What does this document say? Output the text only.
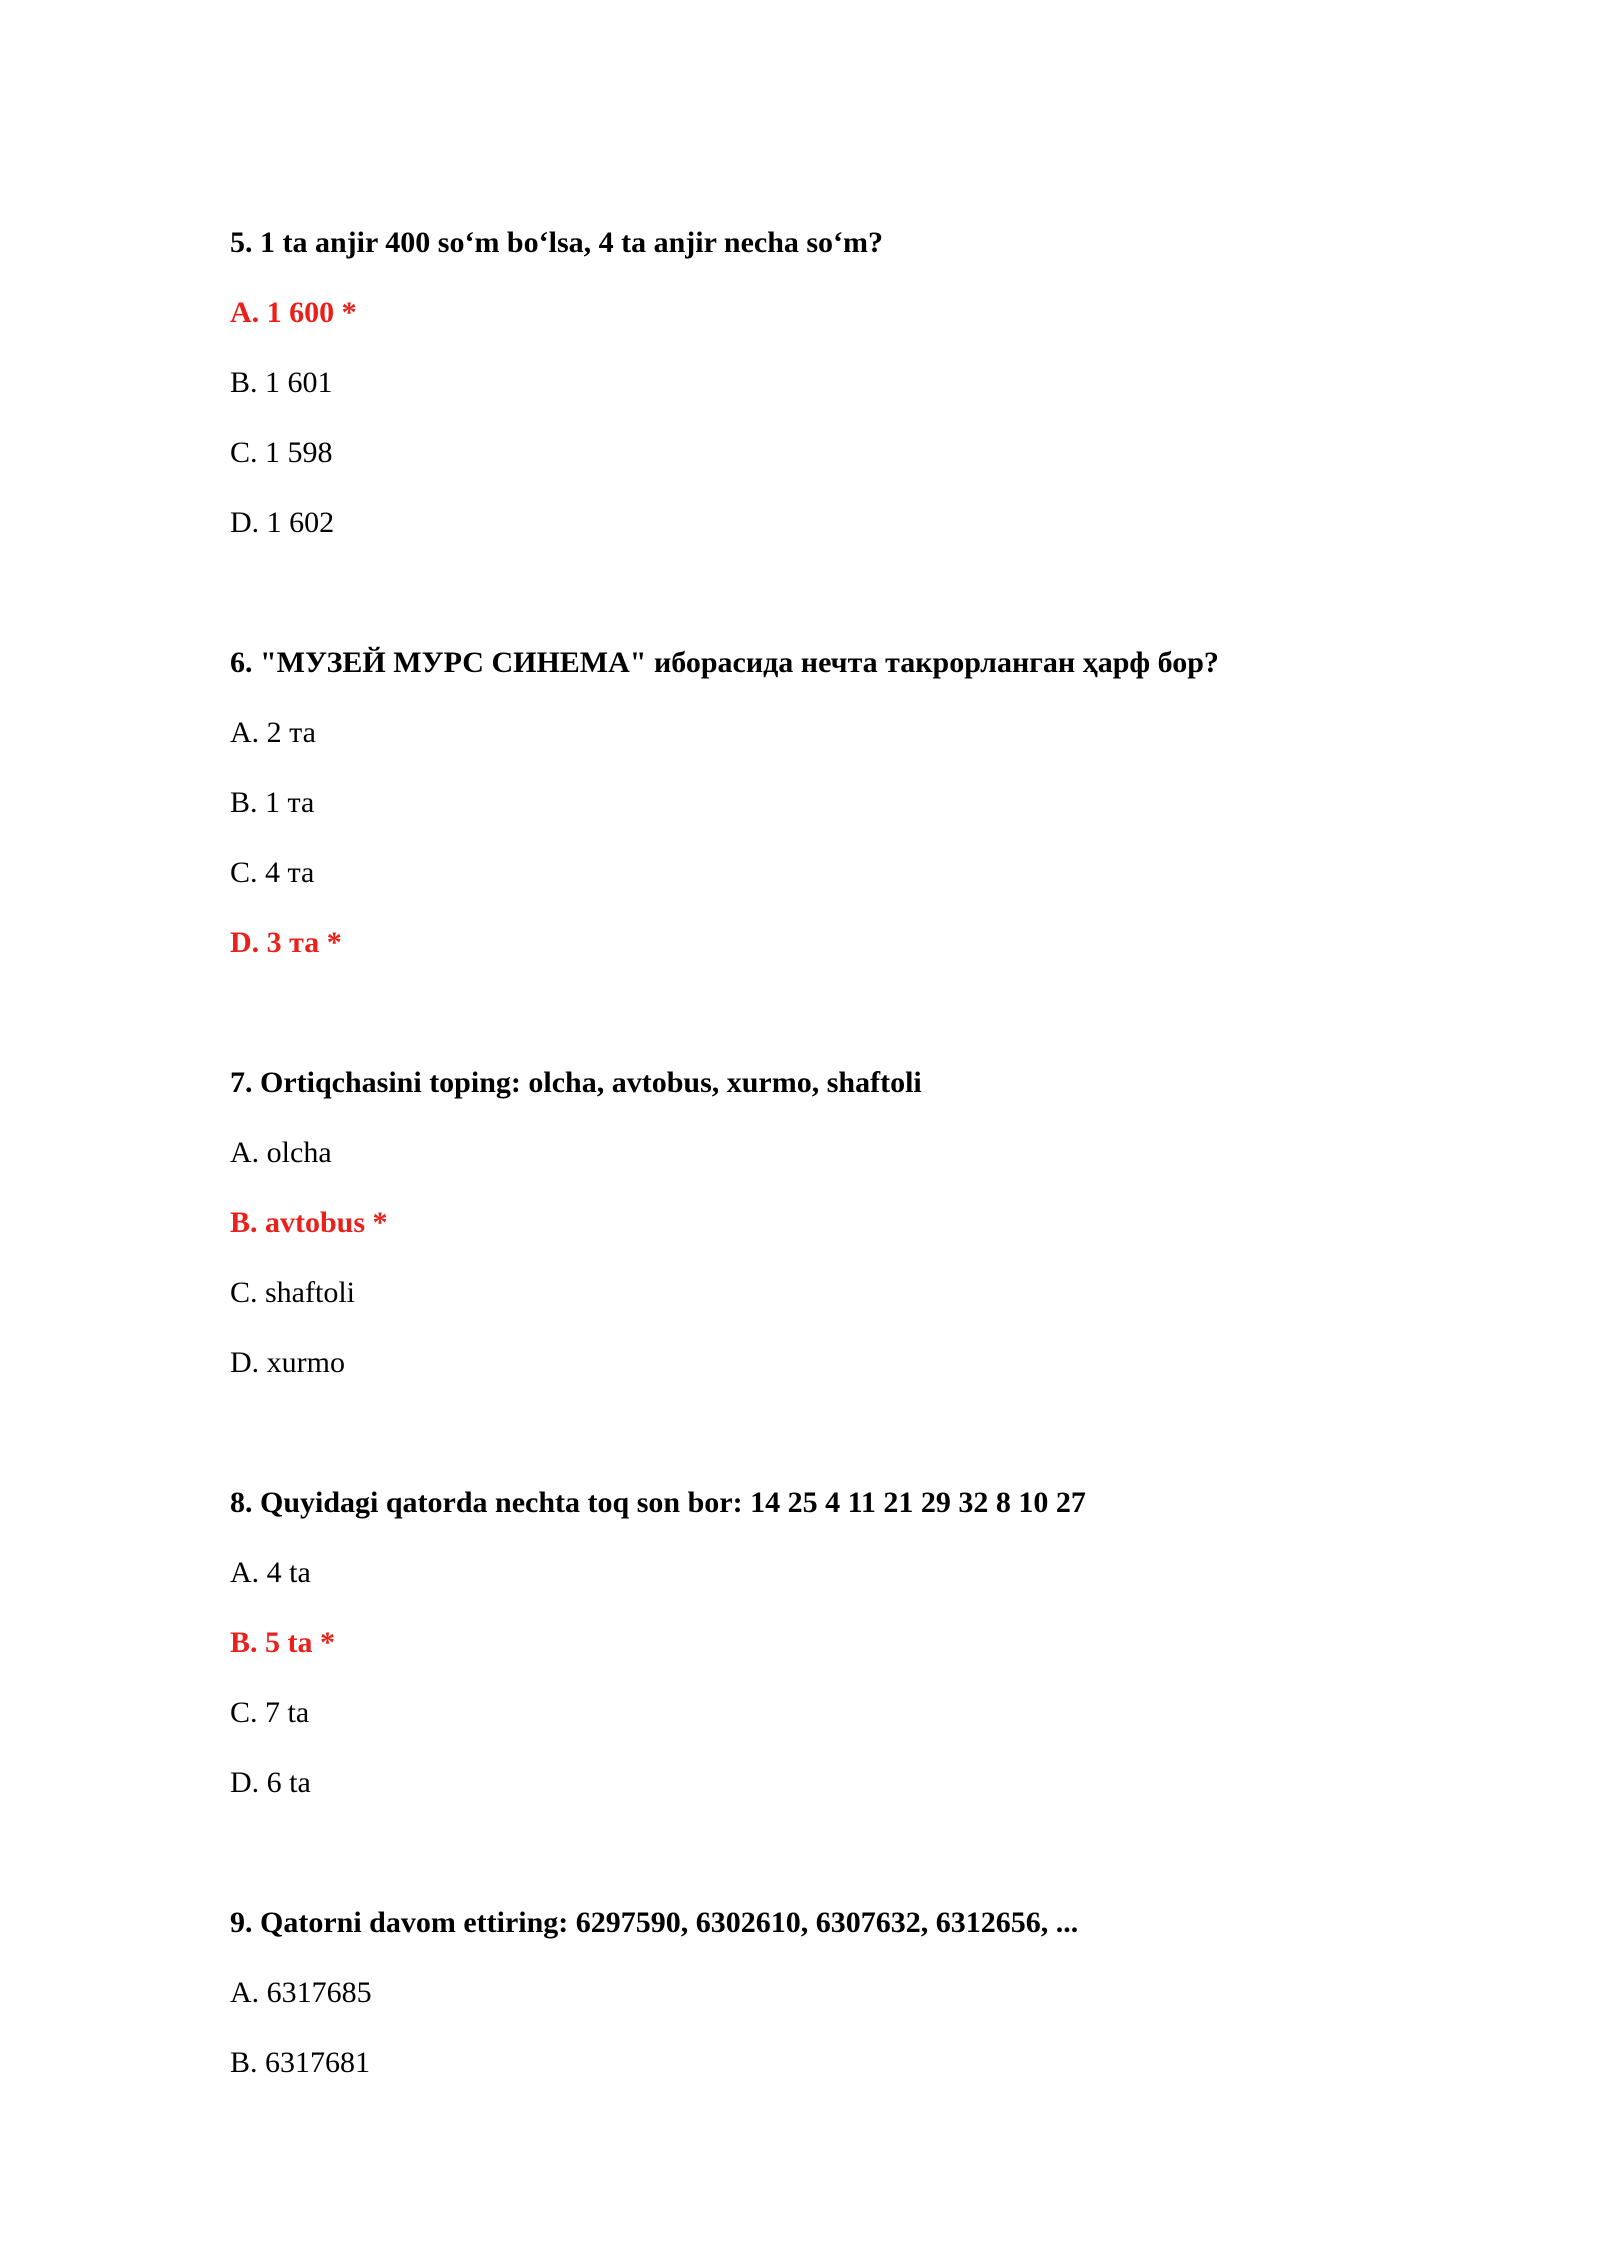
5. 1 ta anjir 400 so‘m bo‘lsa, 4 ta anjir necha so‘m?
A. 1 600 *
B. 1 601
C. 1 598
D. 1 602
6. "МУЗЕЙ МУРС СИНЕМА" иборасида нечта такрорланган ҳарф бор?
A. 2 та
B. 1 та
C. 4 та
D. 3 та *
7. Ortiqchasini toping: olcha, avtobus, xurmo, shaftoli
A. olcha
B. avtobus *
C. shaftoli
D. xurmo
8. Quyidagi qatorda nechta toq son bor: 14 25 4 11 21 29 32 8 10 27
A. 4 ta
B. 5 ta *
C. 7 ta
D. 6 ta
9. Qatorni davom ettiring: 6297590, 6302610, 6307632, 6312656, ...
A. 6317685
B. 6317681
